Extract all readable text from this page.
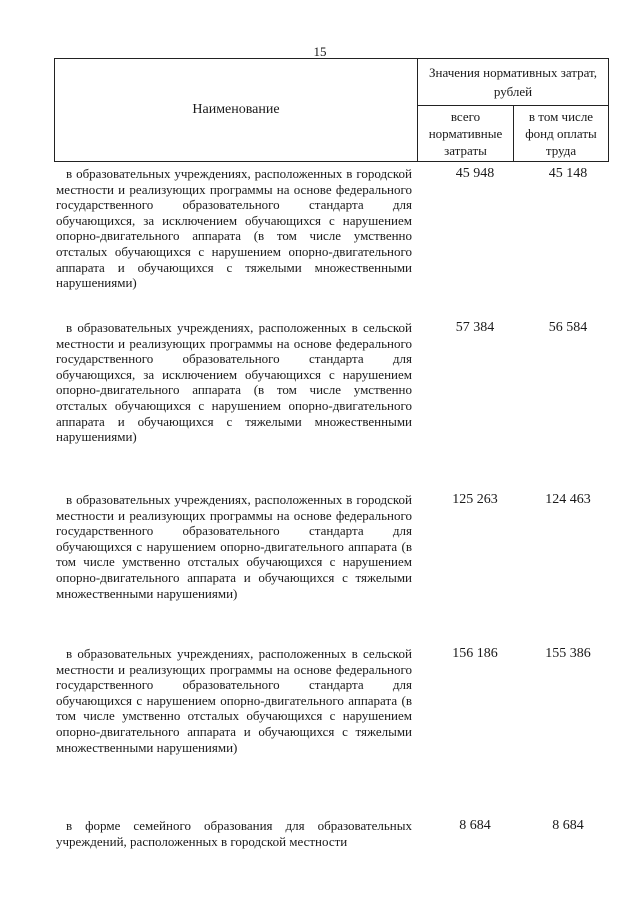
15
Наименование
Значения нормативных затрат, рублей
всего нормативные затраты
в том числе фонд оплаты труда
в образовательных учреждениях, расположенных в городской местности и реализующих программы на основе федерального государственного образовательного стандарта для обучающихся, за исключением обучающихся с нарушением опорно-двигательного аппарата (в том числе умственно отсталых обучающихся с нарушением опорно-двигательного аппарата и обучающихся с тяжелыми множественными нарушениями)
45 948	45 148
в образовательных учреждениях, расположенных в сельской местности и реализующих программы на основе федерального государственного образовательного стандарта для обучающихся, за исключением обучающихся с нарушением опорно-двигательного аппарата (в том числе умственно отсталых обучающихся с нарушением опорно-двигательного аппарата и обучающихся с тяжелыми множественными нарушениями)
57 384	56 584
в образовательных учреждениях, расположенных в городской местности и реализующих программы на основе федерального государственного образовательного стандарта для обучающихся с нарушением опорно-двигательного аппарата (в том числе умственно отсталых обучающихся с нарушением опорно-двигательного аппарата и обучающихся с тяжелыми множественными нарушениями)
125 263	124 463
в образовательных учреждениях, расположенных в сельской местности и реализующих программы на основе федерального государственного образовательного стандарта для обучающихся с нарушением опорно-двигательного аппарата (в том числе умственно отсталых обучающихся с нарушением опорно-двигательного аппарата и обучающихся с тяжелыми множественными нарушениями)
156 186	155 386
в форме семейного образования для образовательных учреждений, расположенных в городской местности
8 684	8 684
